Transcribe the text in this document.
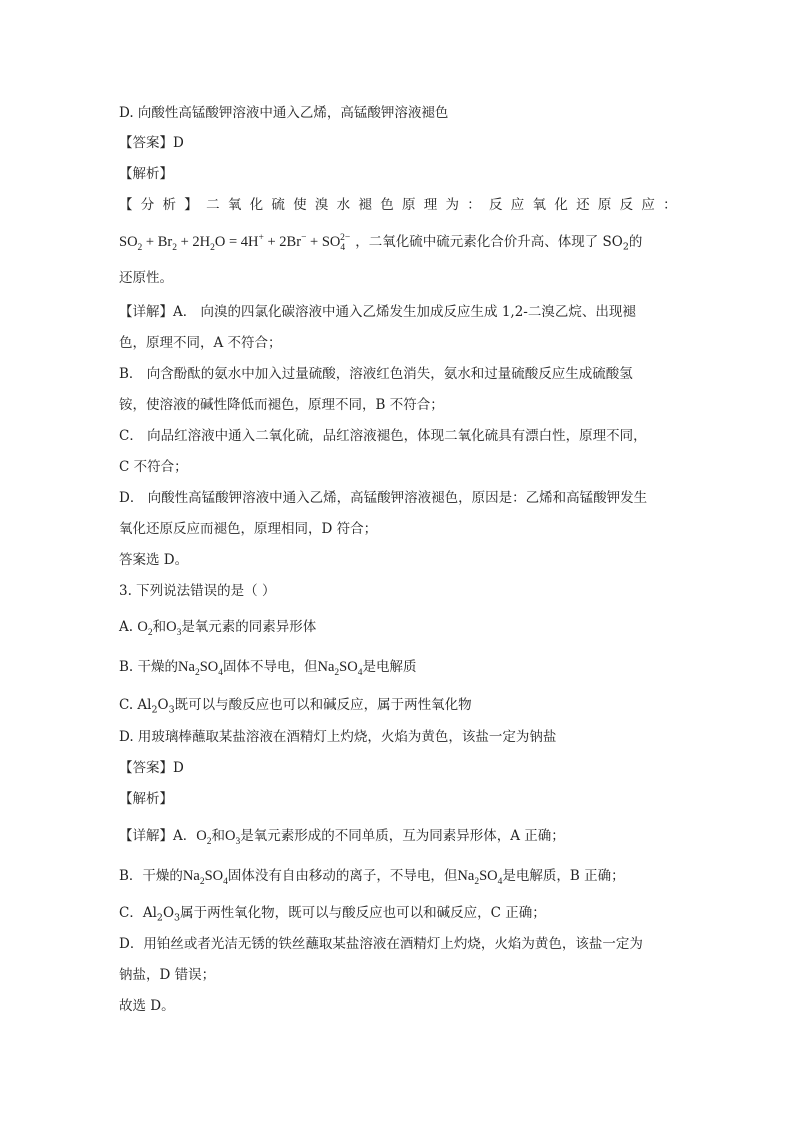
D. 向酸性高锰酸钾溶液中通入乙烯，高锰酸钾溶液褪色
【答案】D
【解析】
【 分 析 】 二 氧 化 硫 使 溴 水 褪 色 原 理 为 ： 反 应 氧 化 还 原 反 应 ：
$SO_2 + Br_2 + 2H_2O = 4H^+ + 2Br^- + SO_4^{2-}$ ，二氧化硫中硫元素化合价升高、体现了 $SO_2$的
还原性。
【详解】A． 向溴的四氯化碳溶液中通入乙烯发生加成反应生成 1,2-二溴乙烷、出现褪
色，原理不同，A 不符合；
B． 向含酚酞的氨水中加入过量硫酸，溶液红色消失，氨水和过量硫酸反应生成硫酸氢
铵，使溶液的碱性降低而褪色，原理不同，B 不符合；
C． 向品红溶液中通入二氧化硫，品红溶液褪色，体现二氧化硫具有漂白性，原理不同，
C 不符合；
D． 向酸性高锰酸钾溶液中通入乙烯，高锰酸钾溶液褪色，原因是：乙烯和高锰酸钾发生
氧化还原反应而褪色，原理相同，D 符合；
答案选 D。
3. 下列说法错误的是（ ）
A. $O_2$和$O_3$是氧元素的同素异形体
B. 干燥的$Na_2SO_4$固体不导电，但$Na_2SO_4$是电解质
C. $Al_2O_3$既可以与酸反应也可以和碱反应，属于两性氧化物
D. 用玻璃棒蘸取某盐溶液在酒精灯上灼烧，火焰为黄色，该盐一定为钠盐
【答案】D
【解析】
【详解】A．$O_2$和$O_3$是氧元素形成的不同单质，互为同素异形体，A 正确；
B．干燥的$Na_2SO_4$固体没有自由移动的离子，不导电，但$Na_2SO_4$是电解质，B 正确；
C．$Al_2O_3$属于两性氧化物，既可以与酸反应也可以和碱反应，C 正确；
D．用铂丝或者光洁无锈的铁丝蘸取某盐溶液在酒精灯上灼烧，火焰为黄色，该盐一定为
钠盐，D 错误；
故选 D。
